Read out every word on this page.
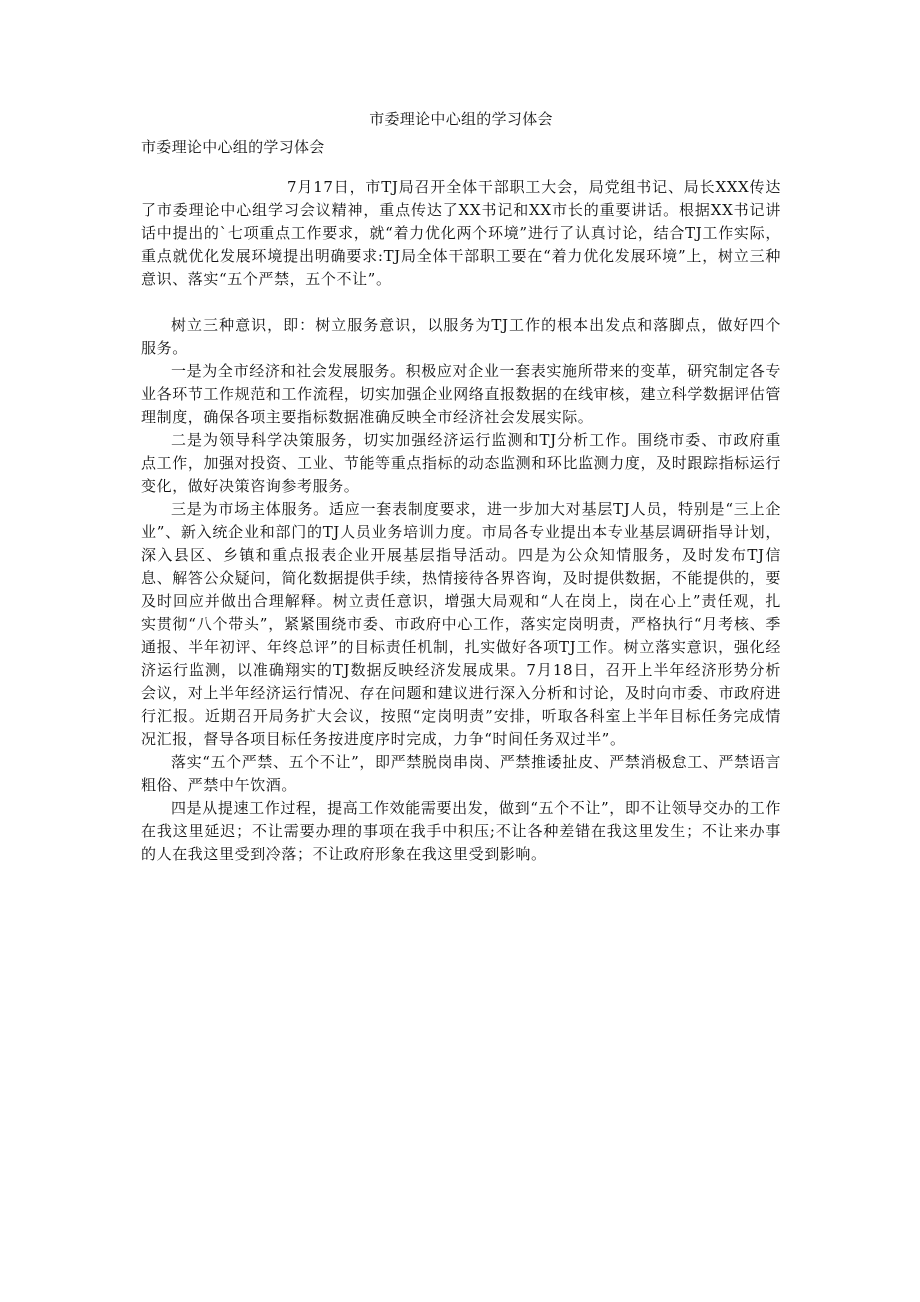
市委理论中心组的学习体会
市委理论中心组的学习体会

7月17日，市TJ局召开全体干部职工大会，局党组书记、局长XXX传达了市委理论中心组学习会议精神，重点传达了XX书记和XX市长的重要讲话。根据XX书记讲话中提出的`七项重点工作要求，就“着力优化两个环境”进行了认真讨论，结合TJ工作实际，重点就优化发展环境提出明确要求:TJ局全体干部职工要在“着力优化发展环境”上，树立三种意识、落实“五个严禁，五个不让”。

树立三种意识，即：树立服务意识，以服务为TJ工作的根本出发点和落脚点，做好四个服务。

一是为全市经济和社会发展服务。积极应对企业一套表实施所带来的变革，研究制定各专业各环节工作规范和工作流程，切实加强企业网络直报数据的在线审核，建立科学数据评估管理制度，确保各项主要指标数据准确反映全市经济社会发展实际。

二是为领导科学决策服务，切实加强经济运行监测和TJ分析工作。围绕市委、市政府重点工作，加强对投资、工业、节能等重点指标的动态监测和环比监测力度，及时跟踪指标运行变化，做好决策咨询参考服务。

三是为市场主体服务。适应一套表制度要求，进一步加大对基层TJ人员，特别是“三上企业”、新入统企业和部门的TJ人员业务培训力度。市局各专业提出本专业基层调研指导计划，深入县区、乡镇和重点报表企业开展基层指导活动。四是为公众知情服务，及时发布TJ信息、解答公众疑问，简化数据提供手续，热情接待各界咨询，及时提供数据，不能提供的，要及时回应并做出合理解释。树立责任意识，增强大局观和“人在岗上，岗在心上”责任观，扎实贯彻“八个带头”，紧紧围绕市委、市政府中心工作，落实定岗明责，严格执行“月考核、季通报、半年初评、年终总评”的目标责任机制，扎实做好各项TJ工作。树立落实意识，强化经济运行监测，以准确翔实的TJ数据反映经济发展成果。7月18日，召开上半年经济形势分析会议，对上半年经济运行情况、存在问题和建议进行深入分析和讨论，及时向市委、市政府进行汇报。近期召开局务扩大会议，按照“定岗明责”安排，听取各科室上半年目标任务完成情况汇报，督导各项目标任务按进度序时完成，力争“时间任务双过半”。

落实“五个严禁、五个不让”，即严禁脱岗串岗、严禁推诿扯皮、严禁消极怠工、严禁语言粗俗、严禁中午饮酒。

四是从提速工作过程，提高工作效能需要出发，做到“五个不让”，即不让领导交办的工作在我这里延迟；不让需要办理的事项在我手中积压;不让各种差错在我这里发生；不让来办事的人在我这里受到冷落；不让政府形象在我这里受到影响。
